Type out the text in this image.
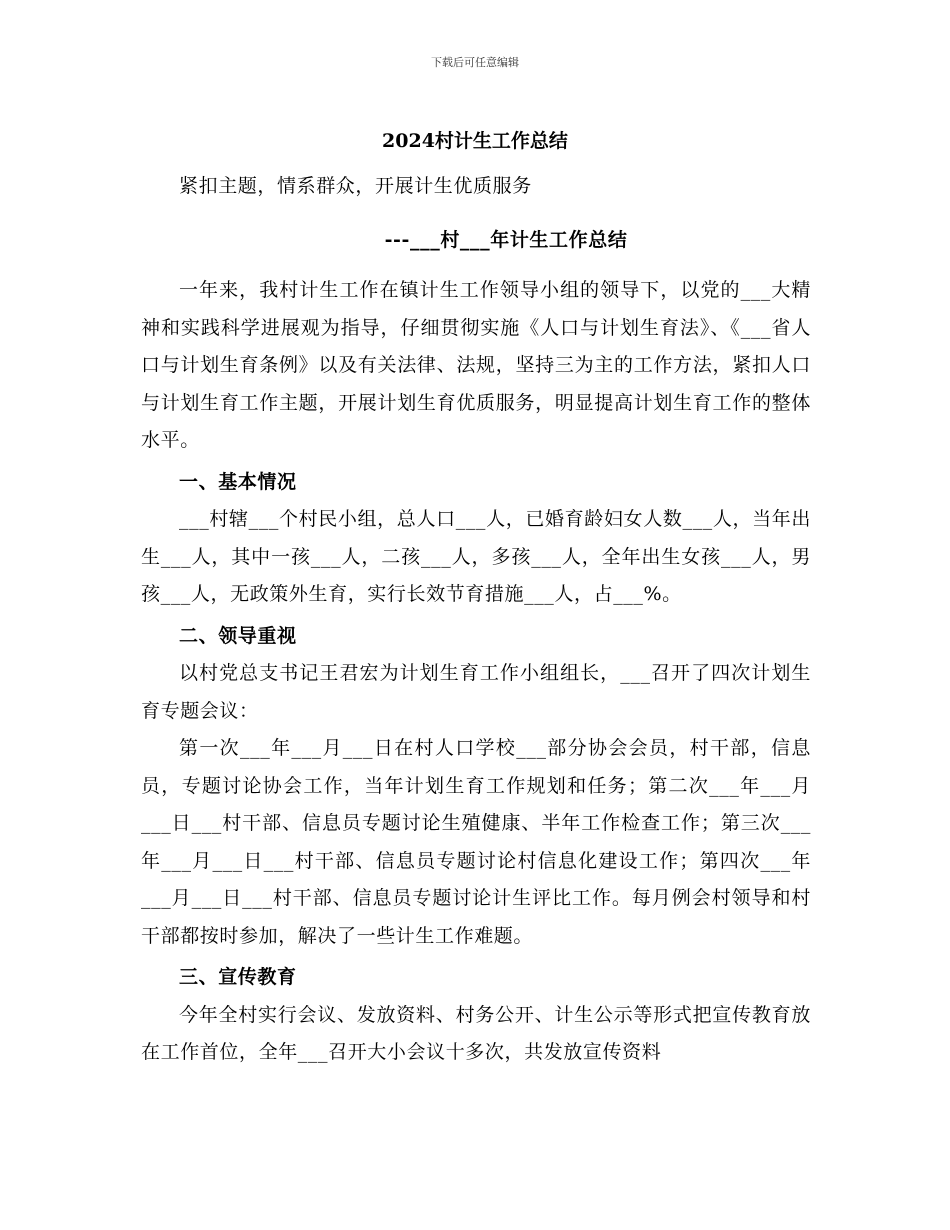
下载后可任意编辑
2024村计生工作总结

紧扣主题，情系群众，开展计生优质服务

---___村___年计生工作总结

一年来，我村计生工作在镇计生工作领导小组的领导下，以党的___大精神和实践科学进展观为指导，仔细贯彻实施《人口与计划生育法》、《___省人口与计划生育条例》以及有关法律、法规，坚持三为主的工作方法，紧扣人口与计划生育工作主题，开展计划生育优质服务，明显提高计划生育工作的整体水平。

一、基本情况

___村辖___个村民小组，总人口___人，已婚育龄妇女人数___人，当年出生___人，其中一孩___人，二孩___人，多孩___人，全年出生女孩___人，男孩___人，无政策外生育，实行长效节育措施___人，占___%。

二、领导重视

以村党总支书记王君宏为计划生育工作小组组长，___召开了四次计划生育专题会议：

第一次___年___月___日在村人口学校___部分协会会员，村干部，信息员，专题讨论协会工作，当年计划生育工作规划和任务；第二次___年___月___日___村干部、信息员专题讨论生殖健康、半年工作检查工作；第三次___年___月___日___村干部、信息员专题讨论村信息化建设工作；第四次___年___月___日___村干部、信息员专题讨论计生评比工作。每月例会村领导和村干部都按时参加，解决了一些计生工作难题。

三、宣传教育

今年全村实行会议、发放资料、村务公开、计生公示等形式把宣传教育放在工作首位，全年___召开大小会议十多次，共发放宣传资料
